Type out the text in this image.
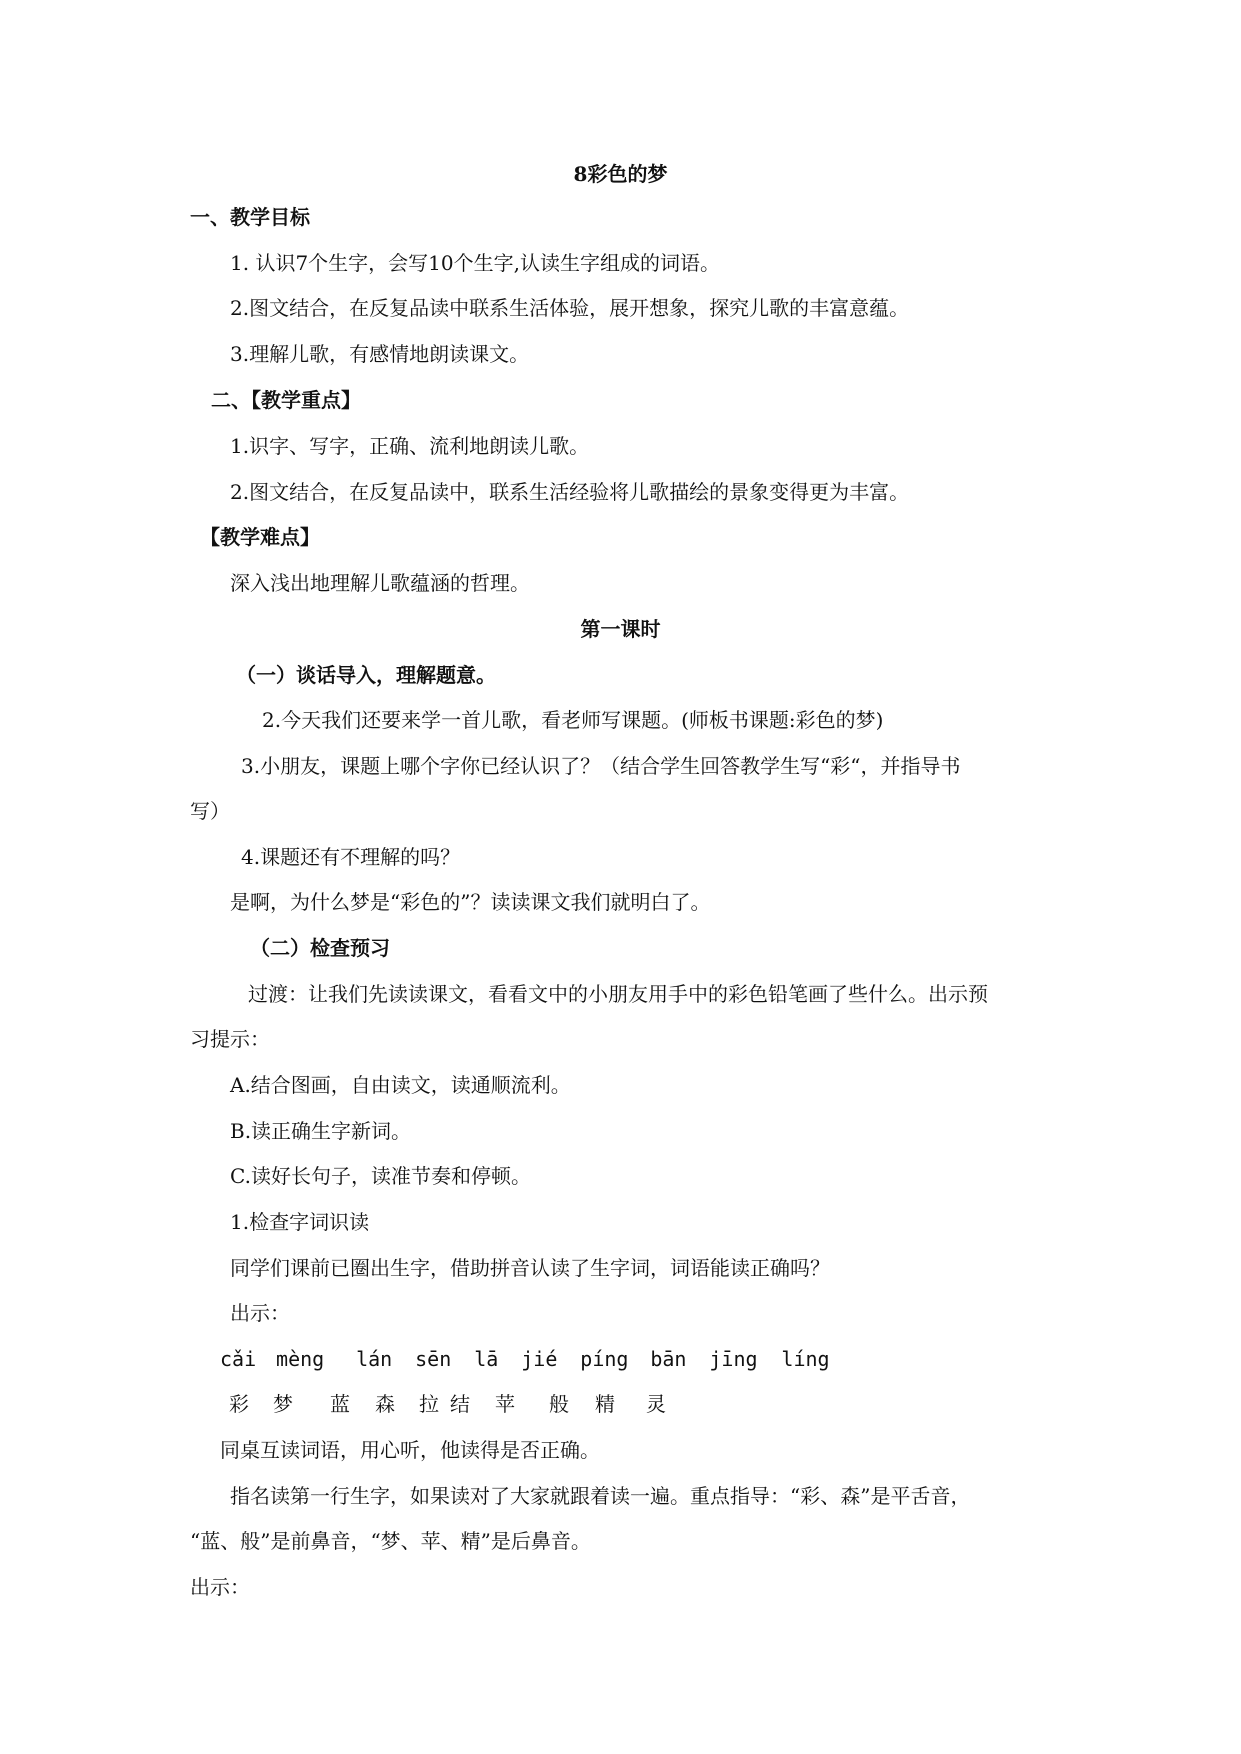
8彩色的梦
一、教学目标
1. 认识7个生字，会写10个生字,认读生字组成的词语。
2.图文结合，在反复品读中联系生活体验，展开想象，探究儿歌的丰富意蕴。
3.理解儿歌，有感情地朗读课文。
二、【教学重点】
1.识字、写字，正确、流利地朗读儿歌。
2.图文结合，在反复品读中，联系生活经验将儿歌描绘的景象变得更为丰富。
【教学难点】
深入浅出地理解儿歌蕴涵的哲理。
第一课时
（一）谈话导入，理解题意。
2.今天我们还要来学一首儿歌，看老师写课题。(师板书课题:彩色的梦)
3.小朋友，课题上哪个字你已经认识了？（结合学生回答教学生写“彩“，并指导书
写）
4.课题还有不理解的吗？
是啊，为什么梦是“彩色的”？读读课文我们就明白了。
（二）检查预习
过渡：让我们先读读课文，看看文中的小朋友用手中的彩色铅笔画了些什么。出示预
习提示：
A.结合图画，自由读文，读通顺流利。
B.读正确生字新词。
C.读好长句子，读准节奏和停顿。
1.检查字词识读
同学们课前已圈出生字，借助拼音认读了生字词，词语能读正确吗？
出示：
cǎi mèng lán sēn lā jié píng bān jīng líng
彩 梦 蓝 森 拉 结 苹 般 精 灵
同桌互读词语，用心听，他读得是否正确。
指名读第一行生字，如果读对了大家就跟着读一遍。重点指导：“彩、森”是平舌音，
“蓝、般”是前鼻音，“梦、苹、精”是后鼻音。
出示：
